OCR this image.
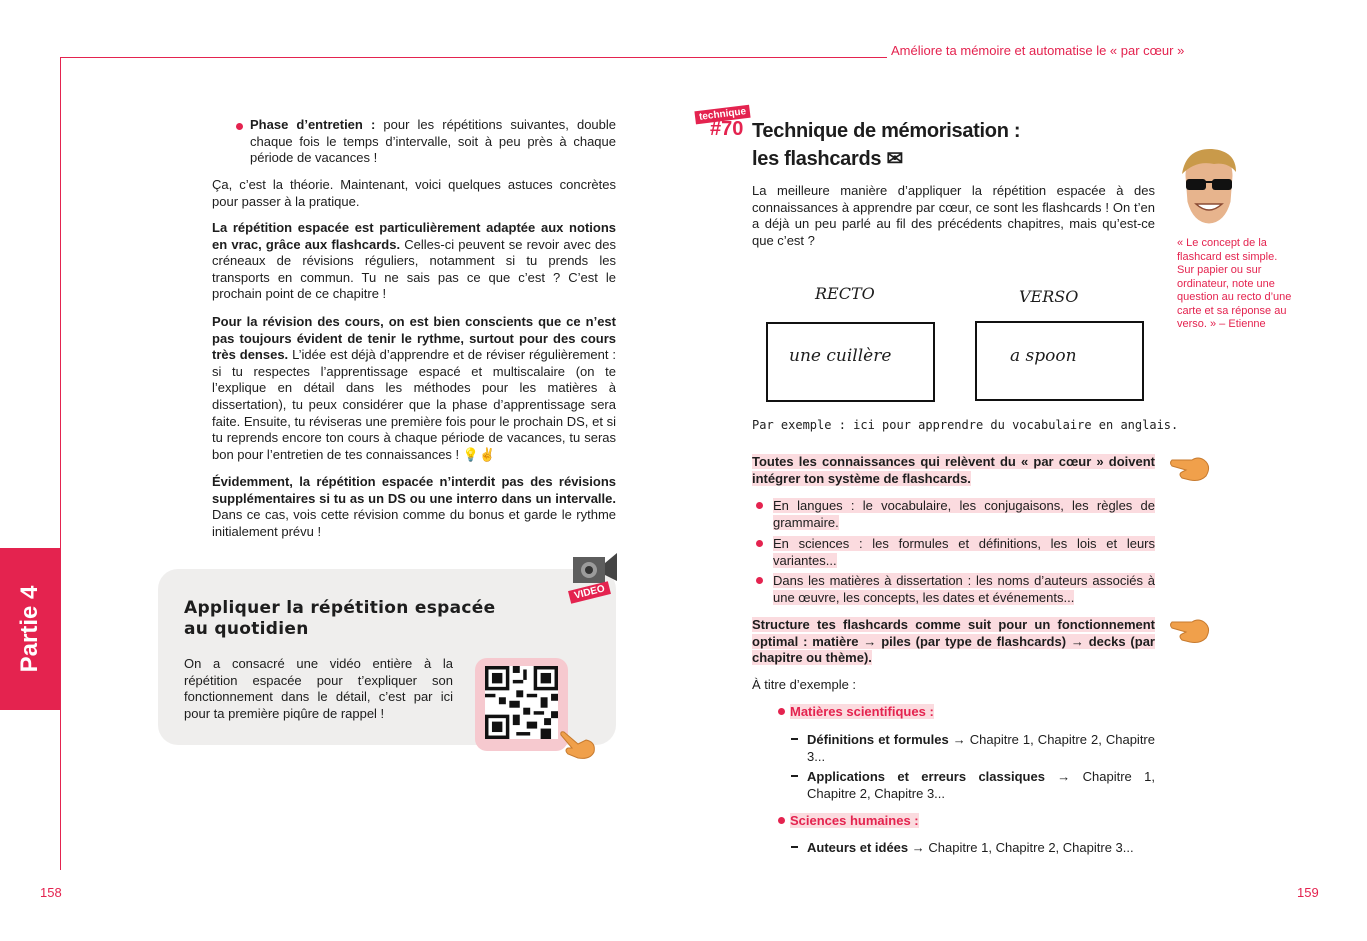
Améliore ta mémoire et automatise le « par cœur »
Partie 4
158	159
Phase d’entretien : pour les répétitions suivantes, double chaque fois le temps d’intervalle, soit à peu près à chaque période de vacances !
Ça, c’est la théorie. Maintenant, voici quelques astuces concrètes pour passer à la pratique.
La répétition espacée est particulièrement adaptée aux notions en vrac, grâce aux flashcards. Celles-ci peuvent se revoir avec des créneaux de révisions réguliers, notamment si tu prends les transports en commun. Tu ne sais pas ce que c’est ? C’est le prochain point de ce chapitre !
Pour la révision des cours, on est bien conscients que ce n’est pas toujours évident de tenir le rythme, surtout pour des cours très denses. L’idée est déjà d’apprendre et de réviser régulièrement : si tu respectes l’apprentissage espacé et multiscalaire (on te l’explique en détail dans les méthodes pour les matières à dissertation), tu peux considérer que la phase d’apprentissage sera faite. Ensuite, tu réviseras une première fois pour le prochain DS, et si tu reprends encore ton cours à chaque période de vacances, tu seras bon pour l’entretien de tes connaissances ! 💡✌
Évidemment, la répétition espacée n’interdit pas des révisions supplémentaires si tu as un DS ou une interro dans un intervalle. Dans ce cas, vois cette révision comme du bonus et garde le rythme initialement prévu !
VIDEO
Appliquer la répétition espacée au quotidien
On a consacré une vidéo entière à la répétition espacée pour t’expliquer son fonctionnement dans le détail, c’est par ici pour ta première piqûre de rappel !
technique
#70 Technique de mémorisation :
les flashcards ✉
La meilleure manière d’appliquer la répétition espacée à des connaissances à apprendre par cœur, ce sont les flashcards ! On t’en a déjà un peu parlé au fil des précédents chapitres, mais qu’est-ce que c’est ?	« Le concept de la flashcard est simple. Sur papier ou sur ordinateur, note une question au recto d’une carte et sa réponse au verso. » – Etienne
RECTO	VERSO
une cuillère	a spoon
Par exemple : ici pour apprendre du vocabulaire en anglais.
Toutes les connaissances qui relèvent du « par cœur » doivent intégrer ton système de flashcards.
En langues : le vocabulaire, les conjugaisons, les règles de grammaire.
En sciences : les formules et définitions, les lois et leurs variantes...
Dans les matières à dissertation : les noms d’auteurs associés à une œuvre, les concepts, les dates et événements...
Structure tes flashcards comme suit pour un fonctionnement optimal : matière → piles (par type de flashcards) → decks (par chapitre ou thème).
À titre d’exemple :
Matières scientifiques :
Définitions et formules → Chapitre 1, Chapitre 2, Chapitre 3...
Applications et erreurs classiques → Chapitre 1, Chapitre 2, Chapitre 3...
Sciences humaines :
Auteurs et idées → Chapitre 1, Chapitre 2, Chapitre 3...
